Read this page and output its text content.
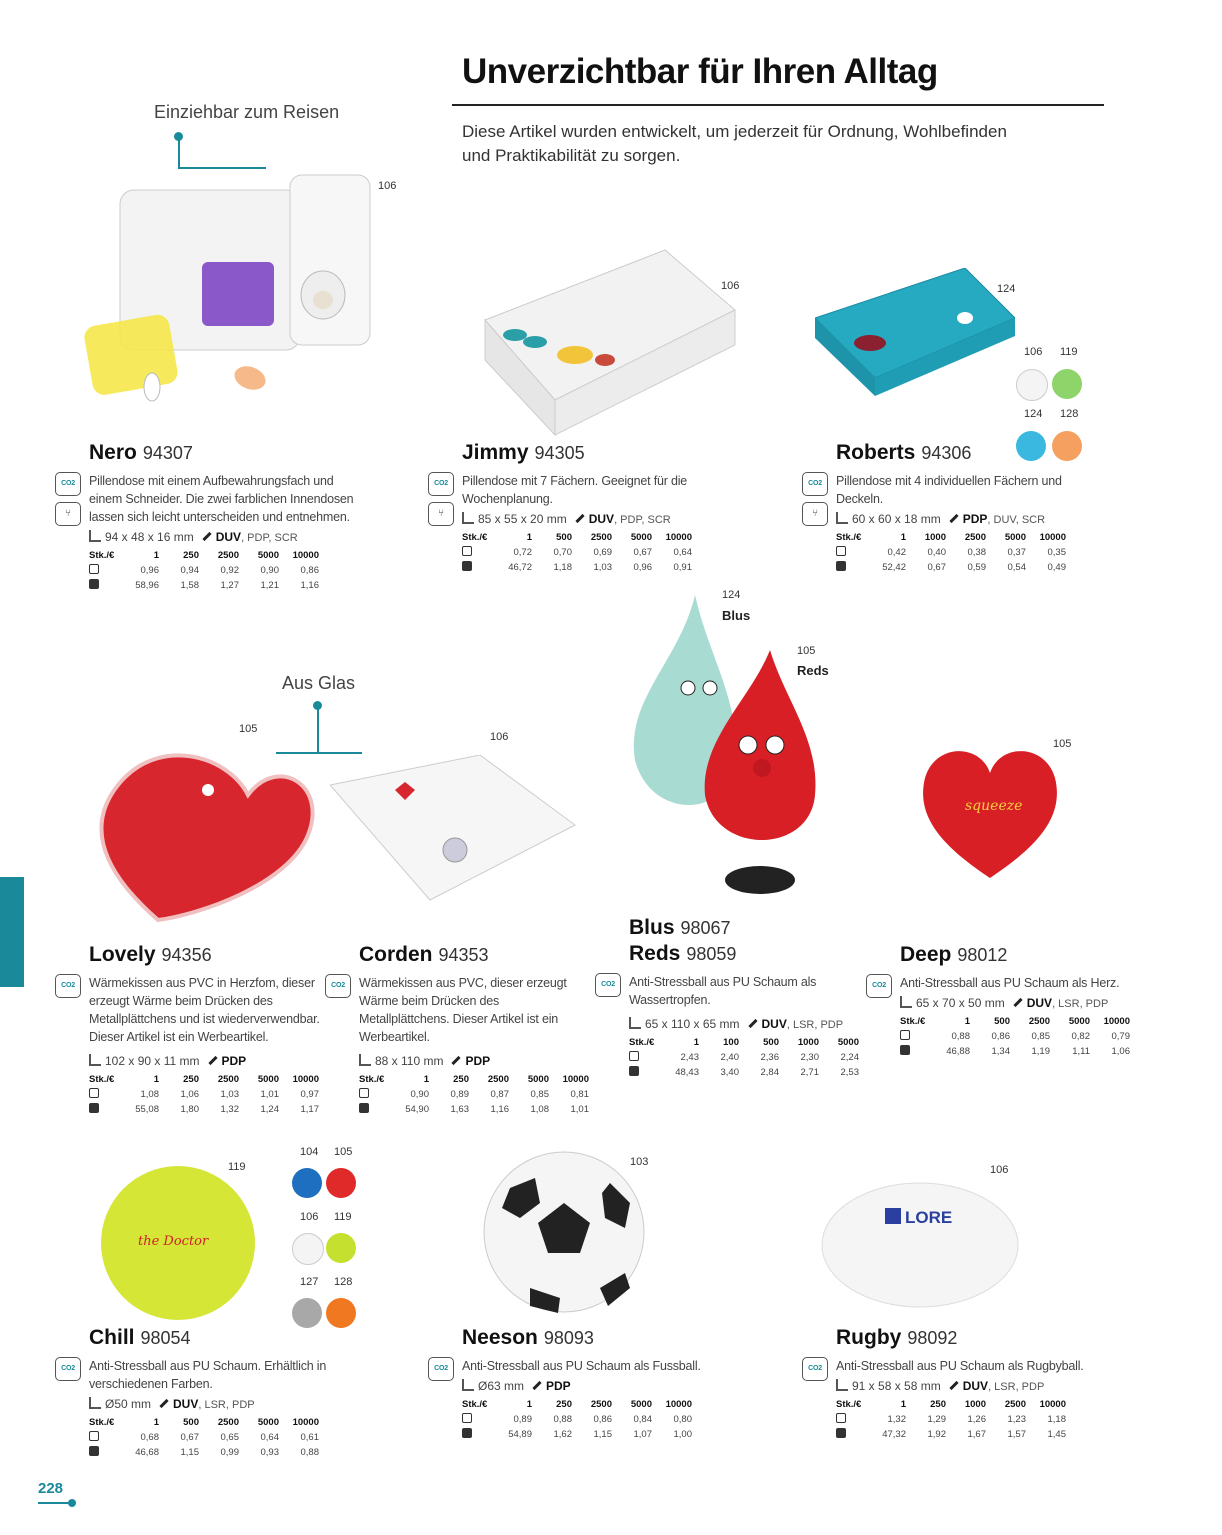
Unverzichtbar für Ihren Alltag
Diese Artikel wurden entwickelt, um jederzeit für Ordnung, Wohlbefinden und Praktikabilität zu sorgen.
Einziehbar zum Reisen
Aus Glas
228
106
106	124
106 119
124 128
105
106
124
Blus
105
Reds
squeeze
105
the Doctor
119
104 105
106 119
127 128
103
LORE
106
Nero 94307
CO2
⑂
Pillendose mit einem Aufbewahrungsfach und einem Schneider. Die zwei farblichen Innendosen lassen sich leicht unterscheiden und entnehmen.
94 x 48 x 16 mm DUV, PDP, SCR
Stk./€	1	250	2500	5000	10000
	0,96	0,94	0,92	0,90	0,86
	58,96	1,58	1,27	1,21	1,16
Jimmy 94305
CO2
⑂
Pillendose mit 7 Fächern. Geeignet für die Wochenplanung.
85 x 55 x 20 mm DUV, PDP, SCR
Stk./€	1	500	2500	5000	10000
	0,72	0,70	0,69	0,67	0,64
	46,72	1,18	1,03	0,96	0,91
Roberts 94306
CO2
⑂
Pillendose mit 4 individuellen Fächern und Deckeln.
60 x 60 x 18 mm PDP, DUV, SCR
Stk./€	1	1000	2500	5000	10000
	0,42	0,40	0,38	0,37	0,35
	52,42	0,67	0,59	0,54	0,49
Lovely 94356
CO2	Wärmekissen aus PVC in Herzfom, dieser erzeugt Wärme beim Drücken des Metallplättchens und ist wiederverwendbar. Dieser Artikel ist ein Werbeartikel.
102 x 90 x 11 mm PDP
Stk./€	1	250	2500	5000	10000
	1,08	1,06	1,03	1,01	0,97
	55,08	1,80	1,32	1,24	1,17
Corden 94353
CO2	Wärmekissen aus PVC, dieser erzeugt Wärme beim Drücken des Metallplättchens. Dieser Artikel ist ein Werbeartikel.
88 x 110 mm PDP
Stk./€	1	250	2500	5000	10000
	0,90	0,89	0,87	0,85	0,81
	54,90	1,63	1,16	1,08	1,01
Blus 98067
Reds 98059
CO2	Anti-Stressball aus PU Schaum als Wassertropfen.
65 x 110 x 65 mm DUV, LSR, PDP
Stk./€	1	100	500	1000	5000
	2,43	2,40	2,36	2,30	2,24
	48,43	3,40	2,84	2,71	2,53
Deep 98012
CO2	Anti-Stressball aus PU Schaum als Herz.
65 x 70 x 50 mm DUV, LSR, PDP
Stk./€	1	500	2500	5000	10000
	0,88	0,86	0,85	0,82	0,79
	46,88	1,34	1,19	1,11	1,06
Chill 98054
CO2	Anti-Stressball aus PU Schaum. Erhältlich in verschiedenen Farben.
Ø50 mm DUV, LSR, PDP
Stk./€	1	500	2500	5000	10000
	0,68	0,67	0,65	0,64	0,61
	46,68	1,15	0,99	0,93	0,88
Neeson 98093
CO2	Anti-Stressball aus PU Schaum als Fussball.
Ø63 mm PDP
Stk./€	1	250	2500	5000	10000
	0,89	0,88	0,86	0,84	0,80
	54,89	1,62	1,15	1,07	1,00
Rugby 98092
CO2	Anti-Stressball aus PU Schaum als Rugbyball.
91 x 58 x 58 mm DUV, LSR, PDP
Stk./€	1	250	1000	2500	10000
	1,32	1,29	1,26	1,23	1,18
	47,32	1,92	1,67	1,57	1,45
